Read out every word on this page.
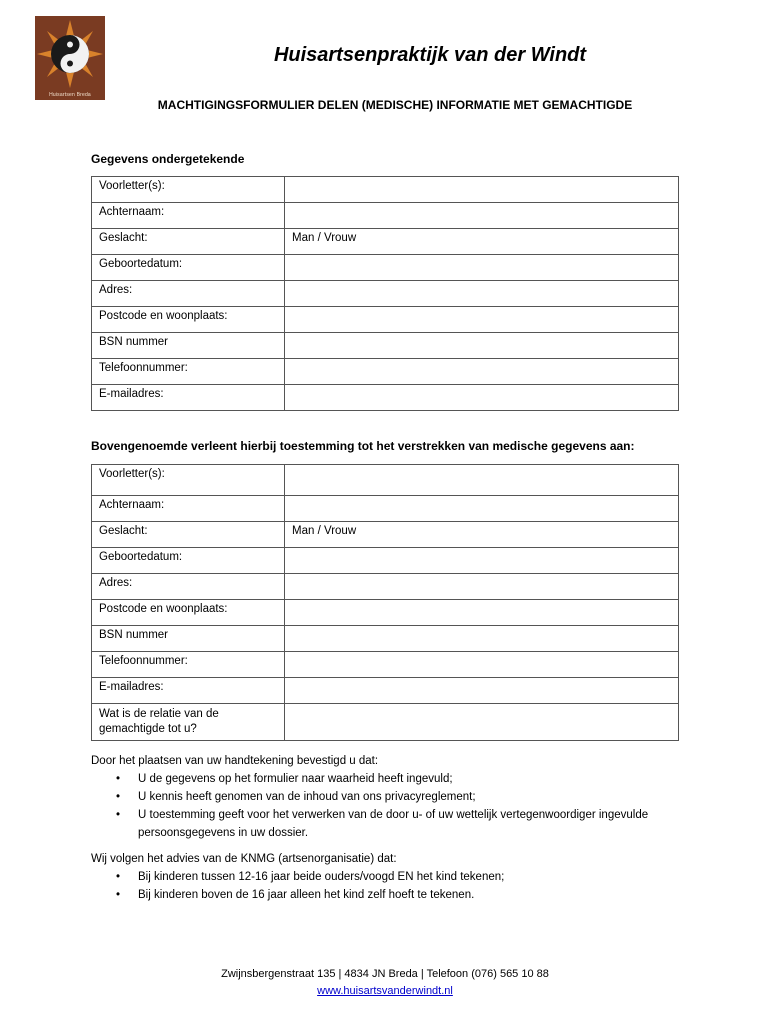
Huisartsen Breda
Huisartsenpraktijk van der Windt
MACHTIGINGSFORMULIER DELEN (MEDISCHE) INFORMATIE MET GEMACHTIGDE
Gegevens ondergetekende
Voorletter(s):	
Achternaam:	
Geslacht:	Man / Vrouw
Geboortedatum:	
Adres:	
Postcode en woonplaats:	
BSN nummer	
Telefoonnummer:	
E-mailadres:	
Bovengenoemde verleent hierbij toestemming tot het verstrekken van medische gegevens aan:
Voorletter(s):	
Achternaam:	
Geslacht:	Man / Vrouw
Geboortedatum:	
Adres:	
Postcode en woonplaats:	
BSN nummer	
Telefoonnummer:	
E-mailadres:	
Wat is de relatie van de gemachtigde tot u?	
Door het plaatsen van uw handtekening bevestigd u dat:
• U de gegevens op het formulier naar waarheid heeft ingevuld;
• U kennis heeft genomen van de inhoud van ons privacyreglement;
• U toestemming geeft voor het verwerken van de door u- of uw wettelijk vertegenwoordiger ingevulde persoonsgegevens in uw dossier.
Wij volgen het advies van de KNMG (artsenorganisatie) dat:
• Bij kinderen tussen 12-16 jaar beide ouders/voogd EN het kind tekenen;
• Bij kinderen boven de 16 jaar alleen het kind zelf hoeft te tekenen.
Zwijnsbergenstraat 135 | 4834 JN Breda | Telefoon (076) 565 10 88
www.huisartsvanderwindt.nl
